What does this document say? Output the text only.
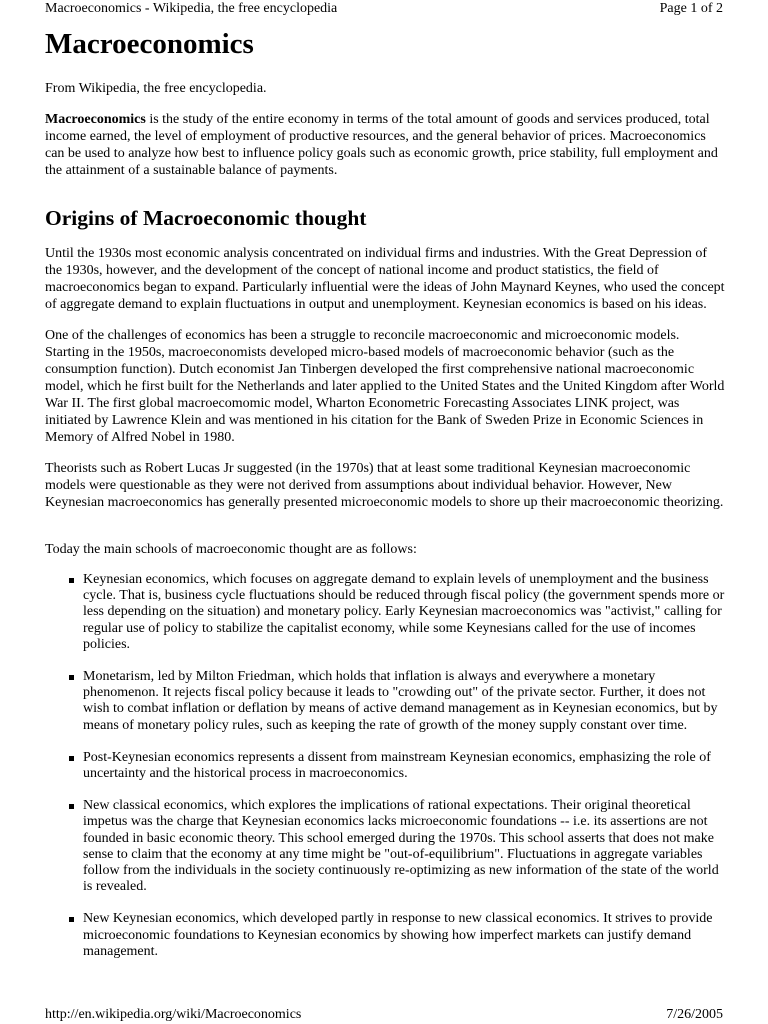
Macroeconomics - Wikipedia, the free encyclopedia	Page 1 of 2
Macroeconomics
From Wikipedia, the free encyclopedia.

Macroeconomics is the study of the entire economy in terms of the total amount of goods and services produced, total income earned, the level of employment of productive resources, and the general behavior of prices. Macroeconomics can be used to analyze how best to influence policy goals such as economic growth, price stability, full employment and the attainment of a sustainable balance of payments.

Origins of Macroeconomic thought

Until the 1930s most economic analysis concentrated on individual firms and industries. With the Great Depression of the 1930s, however, and the development of the concept of national income and product statistics, the field of macroeconomics began to expand. Particularly influential were the ideas of John Maynard Keynes, who used the concept of aggregate demand to explain fluctuations in output and unemployment. Keynesian economics is based on his ideas.

One of the challenges of economics has been a struggle to reconcile macroeconomic and microeconomic models. Starting in the 1950s, macroeconomists developed micro-based models of macroeconomic behavior (such as the consumption function). Dutch economist Jan Tinbergen developed the first comprehensive national macroeconomic model, which he first built for the Netherlands and later applied to the United States and the United Kingdom after World War II. The first global macroecomomic model, Wharton Econometric Forecasting Associates LINK project, was initiated by Lawrence Klein and was mentioned in his citation for the Bank of Sweden Prize in Economic Sciences in Memory of Alfred Nobel in 1980.

Theorists such as Robert Lucas Jr suggested (in the 1970s) that at least some traditional Keynesian macroeconomic models were questionable as they were not derived from assumptions about individual behavior. However, New Keynesian macroeconomics has generally presented microeconomic models to shore up their macroeconomic theorizing.

Today the main schools of macroeconomic thought are as follows:

Keynesian economics, which focuses on aggregate demand to explain levels of unemployment and the business cycle. That is, business cycle fluctuations should be reduced through fiscal policy (the government spends more or less depending on the situation) and monetary policy. Early Keynesian macroeconomics was "activist," calling for regular use of policy to stabilize the capitalist economy, while some Keynesians called for the use of incomes policies.
Monetarism, led by Milton Friedman, which holds that inflation is always and everywhere a monetary phenomenon. It rejects fiscal policy because it leads to "crowding out" of the private sector. Further, it does not wish to combat inflation or deflation by means of active demand management as in Keynesian economics, but by means of monetary policy rules, such as keeping the rate of growth of the money supply constant over time.
Post-Keynesian economics represents a dissent from mainstream Keynesian economics, emphasizing the role of uncertainty and the historical process in macroeconomics.
New classical economics, which explores the implications of rational expectations. Their original theoretical impetus was the charge that Keynesian economics lacks microeconomic foundations -- i.e. its assertions are not founded in basic economic theory. This school emerged during the 1970s. This school asserts that does not make sense to claim that the economy at any time might be "out-of-equilibrium". Fluctuations in aggregate variables follow from the individuals in the society continuously re-optimizing as new information of the state of the world is revealed.
New Keynesian economics, which developed partly in response to new classical economics. It strives to provide microeconomic foundations to Keynesian economics by showing how imperfect markets can justify demand management.
http://en.wikipedia.org/wiki/Macroeconomics	7/26/2005
